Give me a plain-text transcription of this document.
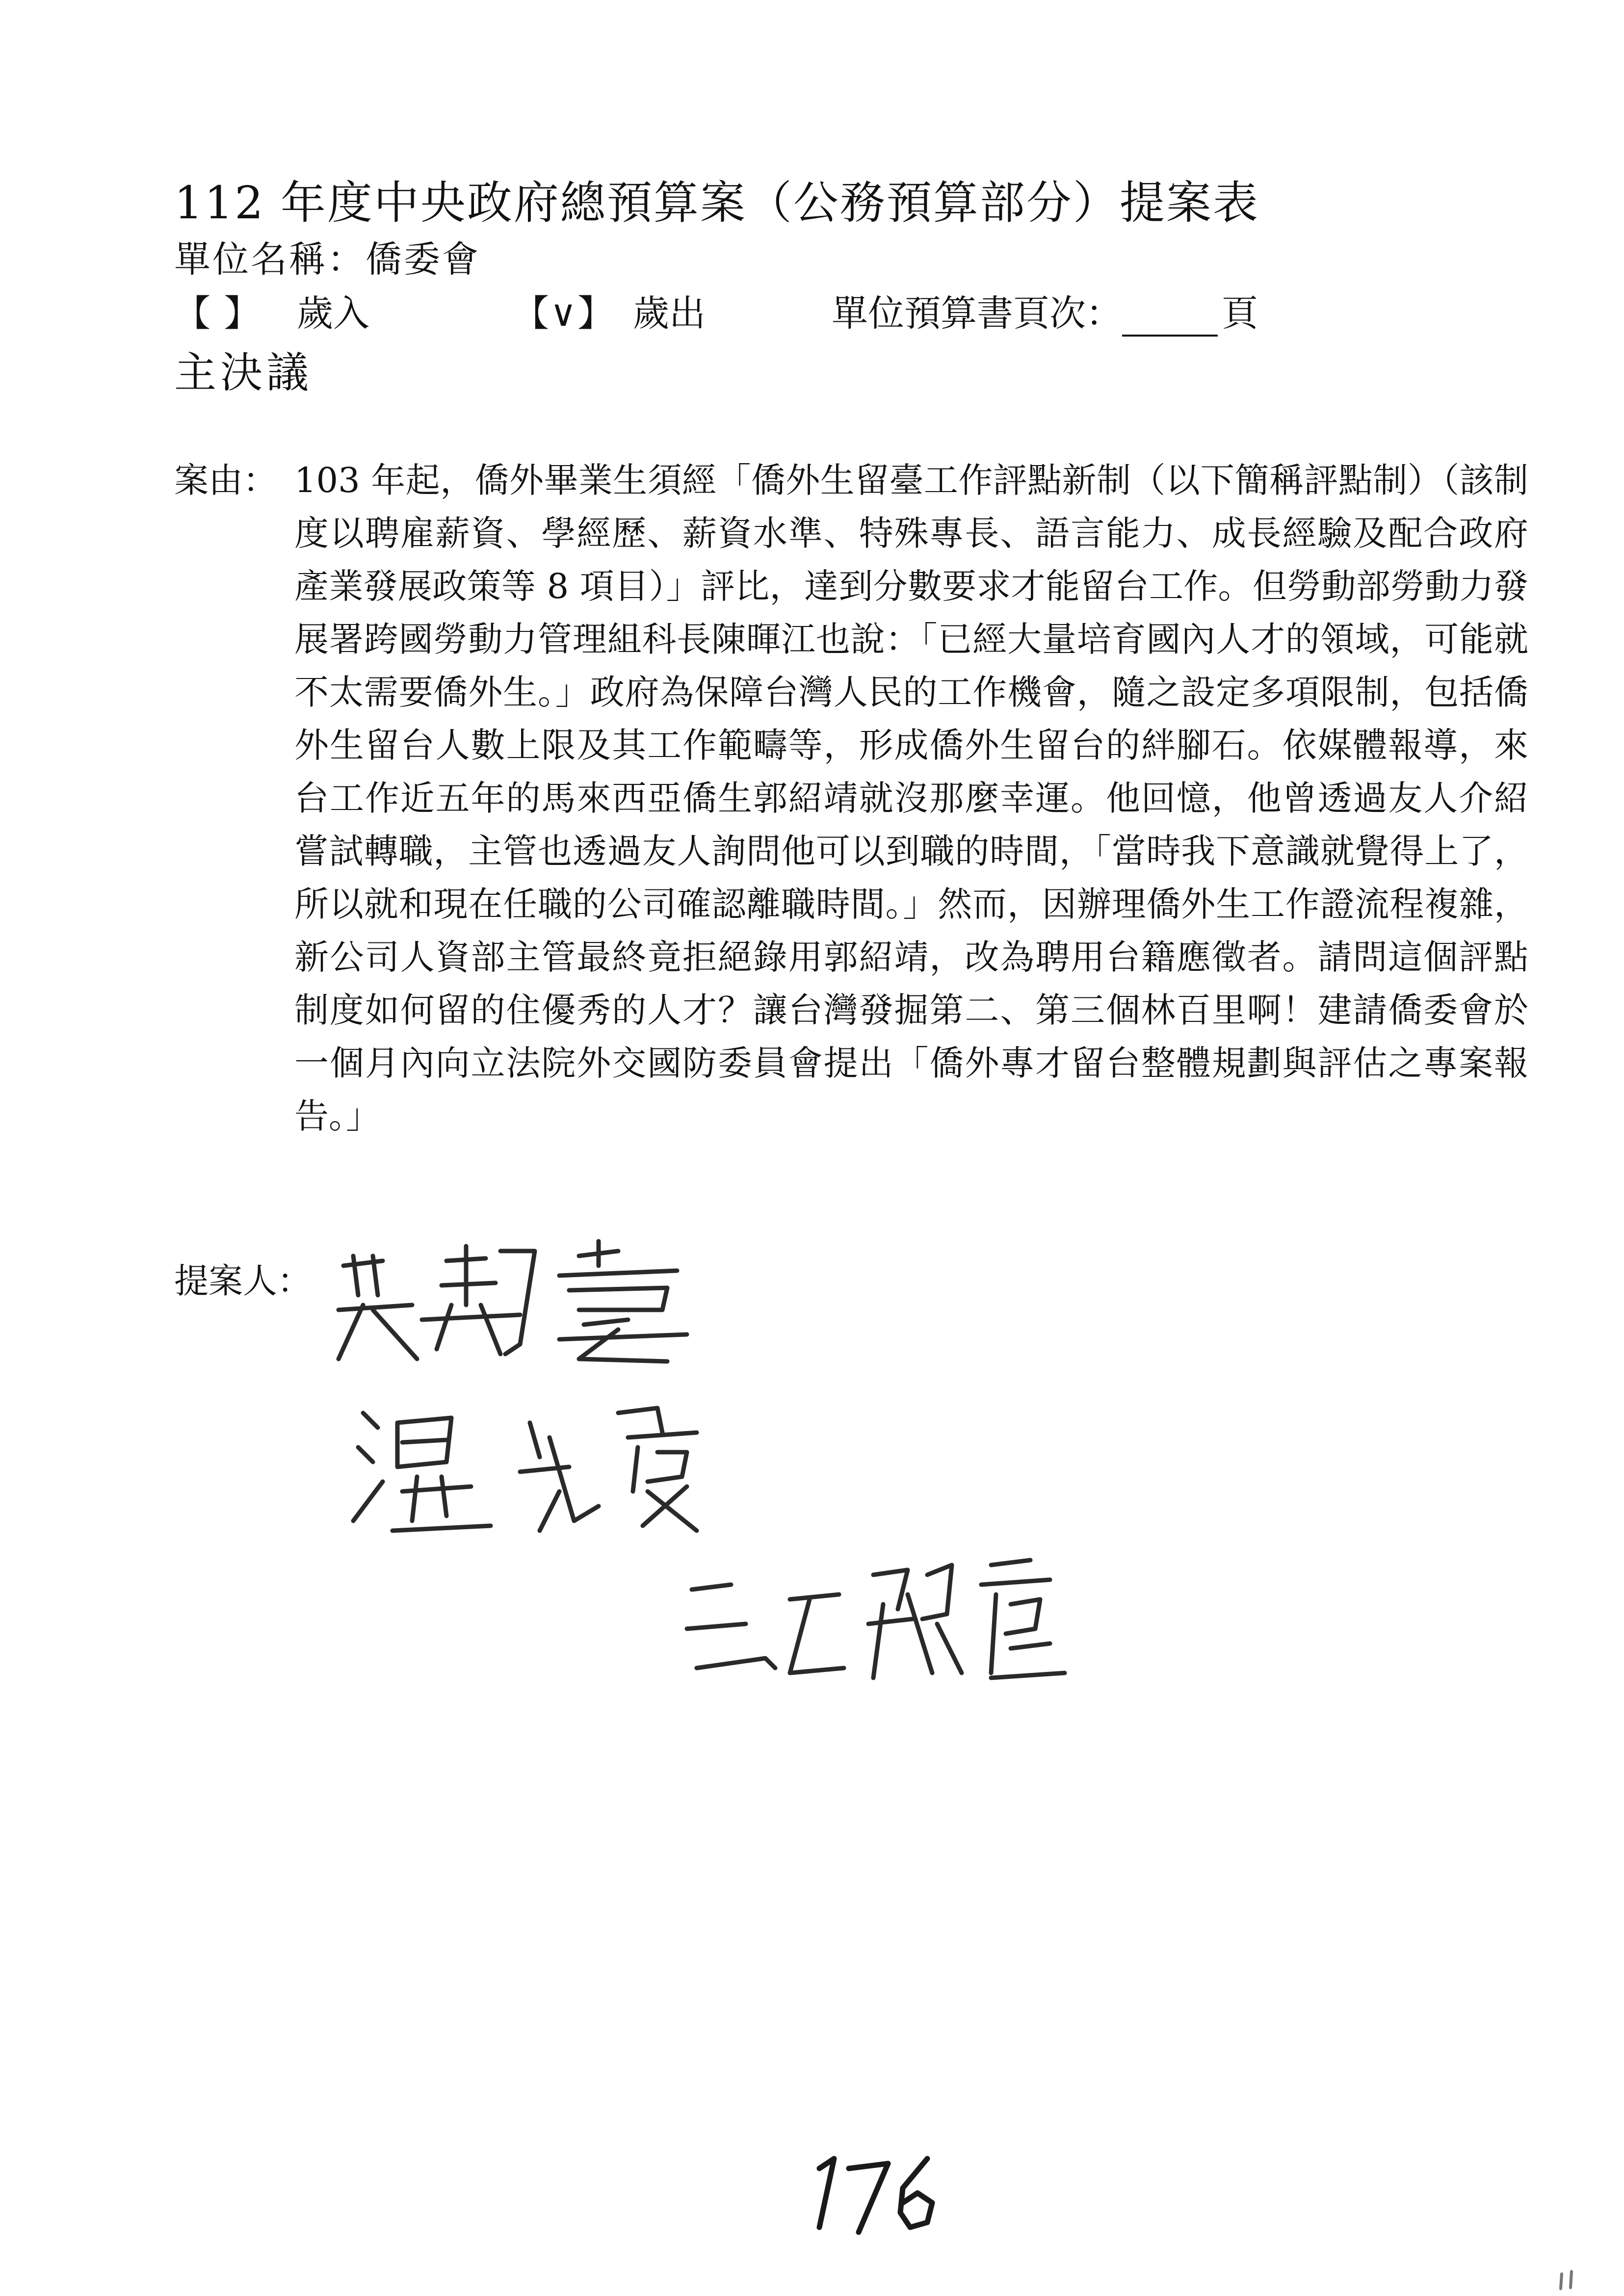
112 年度中央政府總預算案（公務預算部分）提案表
單位名稱：僑委會
【 】 歲入	【∨】 歲出	單位預算書頁次：	頁
主決議
案由： 103 年起，僑外畢業生須經「僑外生留臺工作評點新制（以下簡稱評點制）（該制度以聘雇薪資、學經歷、薪資水準、特殊專長、語言能力、成長經驗及配合政府產業發展政策等 8 項目）」評比，達到分數要求才能留台工作。但勞動部勞動力發展署跨國勞動力管理組科長陳暉江也說：「已經大量培育國內人才的領域，可能就不太需要僑外生。」政府為保障台灣人民的工作機會，隨之設定多項限制，包括僑外生留台人數上限及其工作範疇等，形成僑外生留台的絆腳石。依媒體報導，來台工作近五年的馬來西亞僑生郭紹靖就沒那麼幸運。他回憶，他曾透過友人介紹嘗試轉職，主管也透過友人詢問他可以到職的時間，「當時我下意識就覺得上了，所以就和現在任職的公司確認離職時間。」然而，因辦理僑外生工作證流程複雜，新公司人資部主管最終竟拒絕錄用郭紹靖，改為聘用台籍應徵者。請問這個評點制度如何留的住優秀的人才？讓台灣發掘第二、第三個林百里啊！建請僑委會於一個月內向立法院外交國防委員會提出「僑外專才留台整體規劃與評估之專案報告。」
提案人：
